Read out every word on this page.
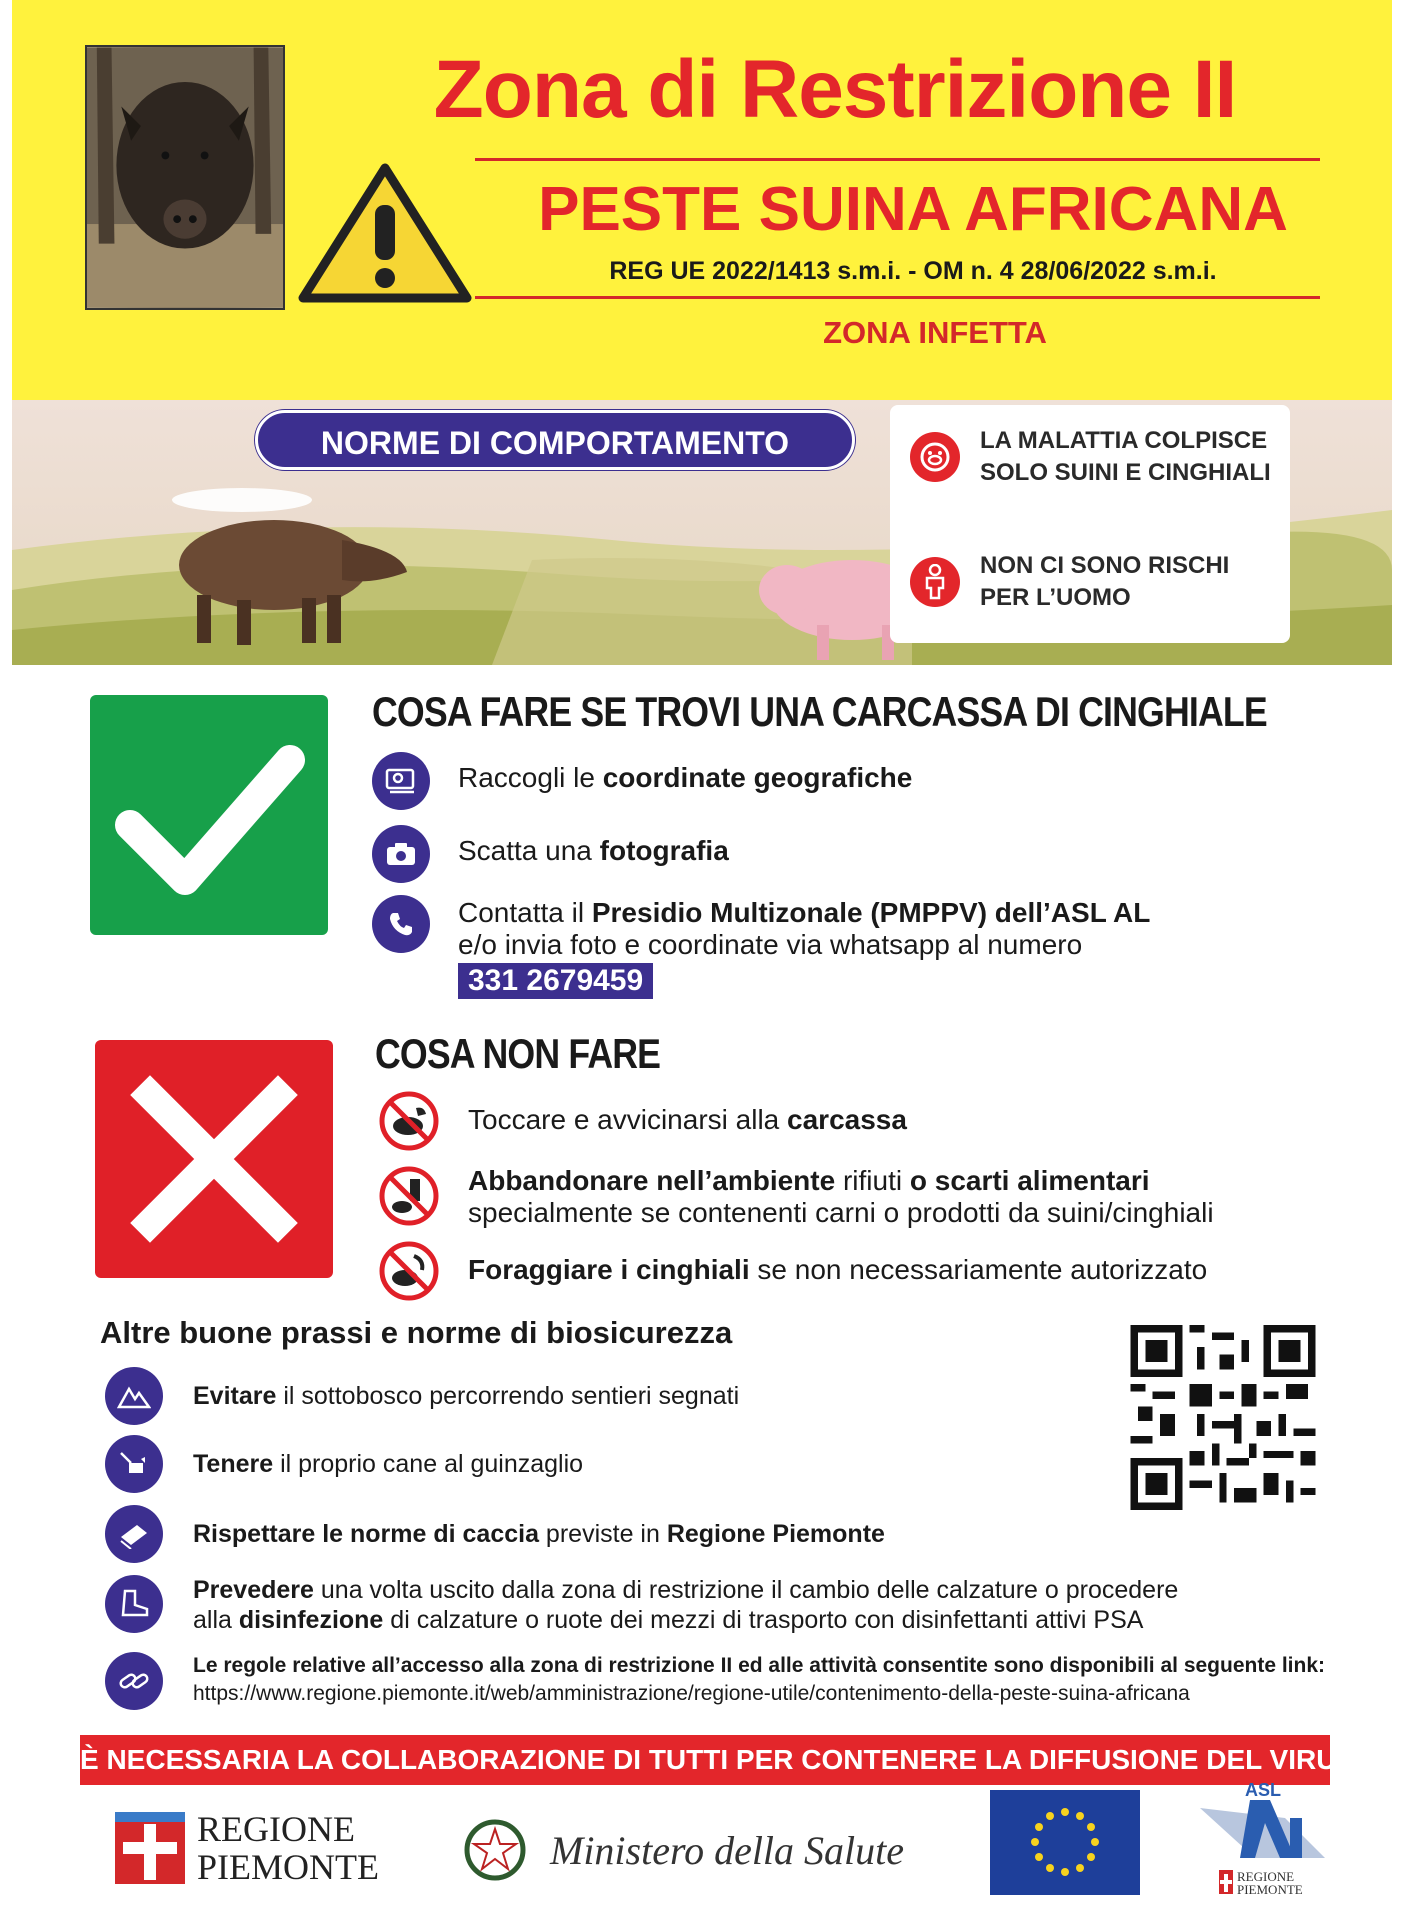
Zona di Restrizione II
PESTE SUINA AFRICANA
REG UE 2022/1413 s.m.i. - OM n. 4 28/06/2022 s.m.i.
ZONA INFETTA
NORME DI COMPORTAMENTO	LA MALATTIA COLPISCE SOLO SUINI E CINGHIALI
NON CI SONO RISCHI PER L’UOMO
COSA FARE SE TROVI UNA CARCASSA DI CINGHIALE
Raccogli le coordinate geografiche
Scatta una fotografia
Contatta il Presidio Multizonale (PMPPV) dell’ASL AL
e/o invia foto e coordinate via whatsapp al numero
331 2679459
COSA NON FARE
Toccare e avvicinarsi alla carcassa
Abbandonare nell’ambiente rifiuti o scarti alimentari
specialmente se contenenti carni o prodotti da suini/cinghiali
Foraggiare i cinghiali se non necessariamente autorizzato
Altre buone prassi e norme di biosicurezza
Evitare il sottobosco percorrendo sentieri segnati
Tenere il proprio cane al guinzaglio
Rispettare le norme di caccia previste in Regione Piemonte
Prevedere una volta uscito dalla zona di restrizione il cambio delle calzature o procedere
alla disinfezione di calzature o ruote dei mezzi di trasporto con disinfettanti attivi PSA
Le regole relative all’accesso alla zona di restrizione II ed alle attività consentite sono disponibili al seguente link:
https://www.regione.piemonte.it/web/amministrazione/regione-utile/contenimento-della-peste-suina-africana
È NECESSARIA LA COLLABORAZIONE DI TUTTI PER CONTENERE LA DIFFUSIONE DEL VIRUS
REGIONE
PIEMONTE	Ministero della Salute
ASL
REGIONE
PIEMONTE
